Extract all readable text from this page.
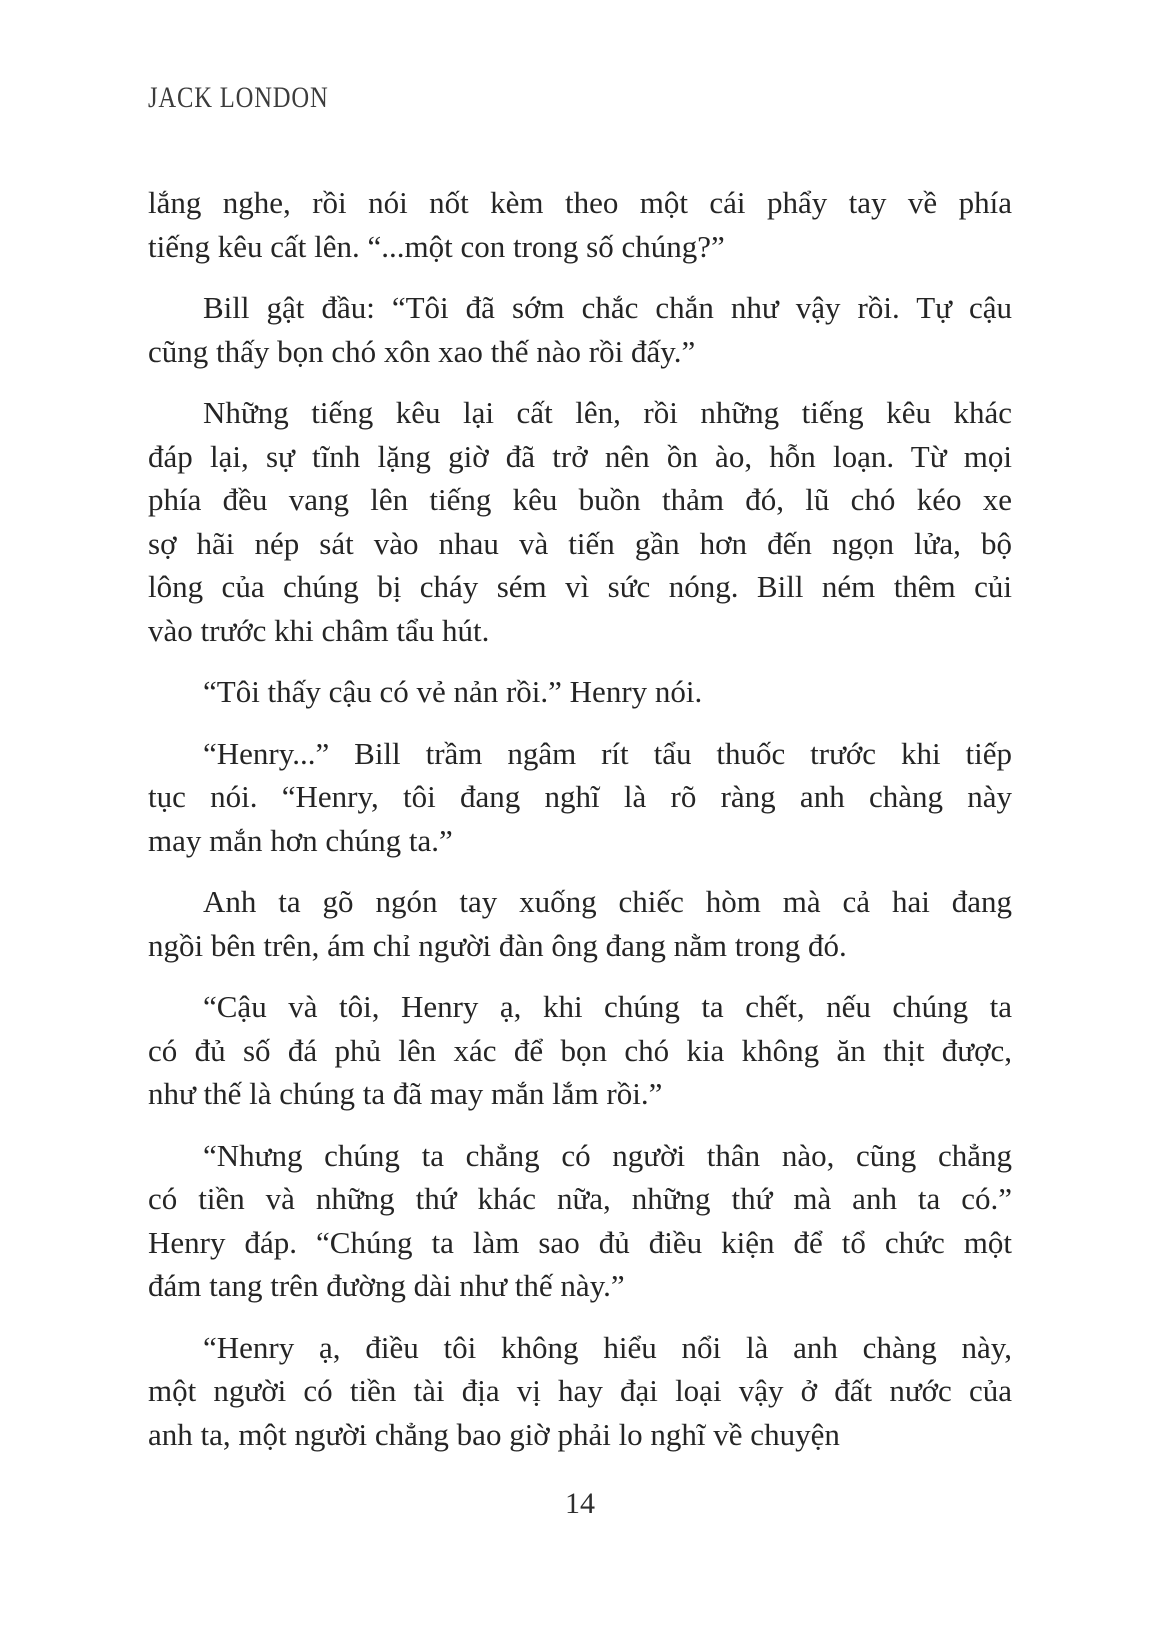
JACK LONDON

lắng nghe, rồi nói nốt kèm theo một cái phẩy tay về phía
tiếng kêu cất lên. “...một con trong số chúng?”

Bill gật đầu: “Tôi đã sớm chắc chắn như vậy rồi. Tự cậu
cũng thấy bọn chó xôn xao thế nào rồi đấy.”

Những tiếng kêu lại cất lên, rồi những tiếng kêu khác
đáp lại, sự tĩnh lặng giờ đã trở nên ồn ào, hỗn loạn. Từ mọi
phía đều vang lên tiếng kêu buồn thảm đó, lũ chó kéo xe
sợ hãi nép sát vào nhau và tiến gần hơn đến ngọn lửa, bộ
lông của chúng bị cháy sém vì sức nóng. Bill ném thêm củi
vào trước khi châm tẩu hút.

“Tôi thấy cậu có vẻ nản rồi.” Henry nói.

“Henry...” Bill trầm ngâm rít tẩu thuốc trước khi tiếp
tục nói. “Henry, tôi đang nghĩ là rõ ràng anh chàng này
may mắn hơn chúng ta.”

Anh ta gõ ngón tay xuống chiếc hòm mà cả hai đang
ngồi bên trên, ám chỉ người đàn ông đang nằm trong đó.

“Cậu và tôi, Henry ạ, khi chúng ta chết, nếu chúng ta
có đủ số đá phủ lên xác để bọn chó kia không ăn thịt được,
như thế là chúng ta đã may mắn lắm rồi.”

“Nhưng chúng ta chẳng có người thân nào, cũng chẳng
có tiền và những thứ khác nữa, những thứ mà anh ta có.”
Henry đáp. “Chúng ta làm sao đủ điều kiện để tổ chức một
đám tang trên đường dài như thế này.”

“Henry ạ, điều tôi không hiểu nổi là anh chàng này,
một người có tiền tài địa vị hay đại loại vậy ở đất nước của
anh ta, một người chẳng bao giờ phải lo nghĩ về chuyện

14
